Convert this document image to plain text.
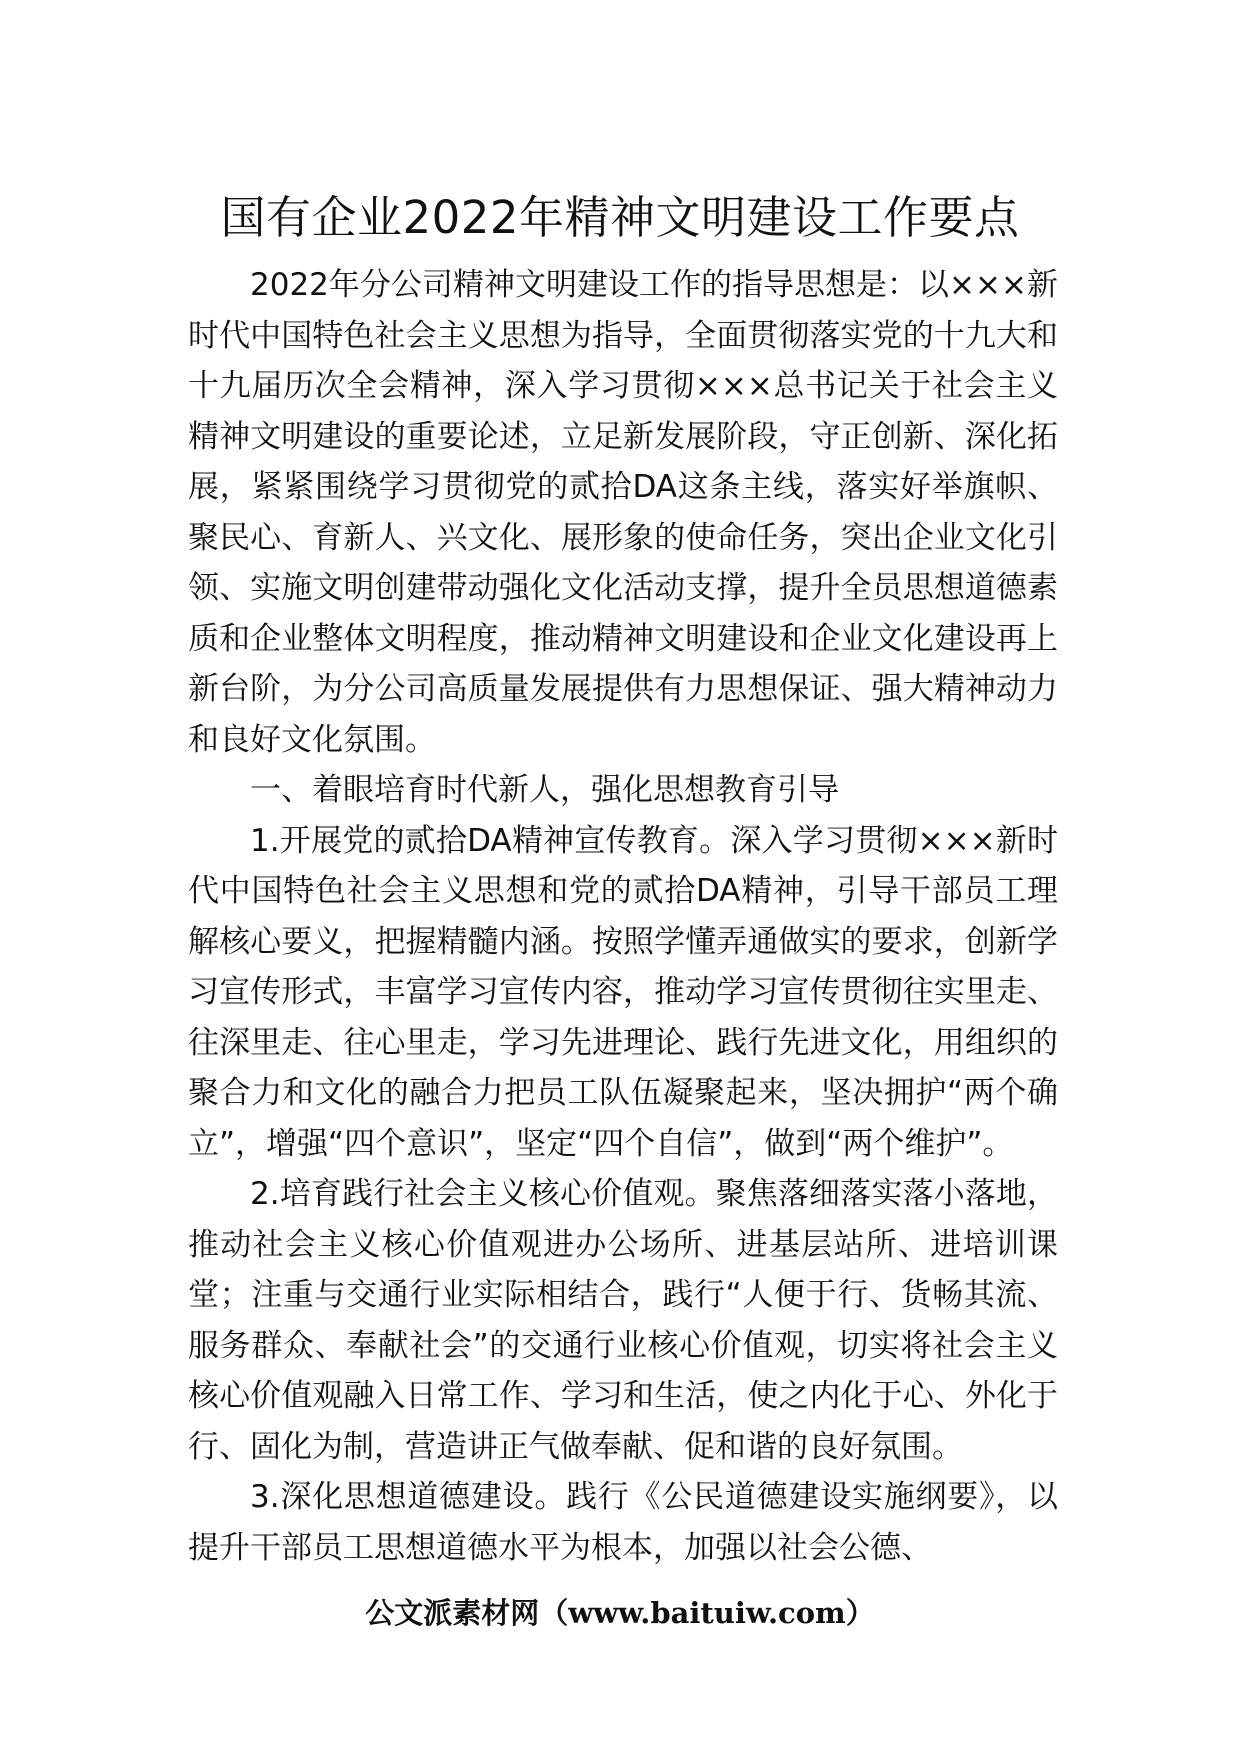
国有企业2022年精神文明建设工作要点

2022年分公司精神文明建设工作的指导思想是：以×××新时代中国特色社会主义思想为指导，全面贯彻落实党的十九大和十九届历次全会精神，深入学习贯彻×××总书记关于社会主义精神文明建设的重要论述，立足新发展阶段，守正创新、深化拓展，紧紧围绕学习贯彻党的贰拾DA这条主线，落实好举旗帜、聚民心、育新人、兴文化、展形象的使命任务，突出企业文化引领、实施文明创建带动强化文化活动支撑，提升全员思想道德素质和企业整体文明程度，推动精神文明建设和企业文化建设再上新台阶，为分公司高质量发展提供有力思想保证、强大精神动力和良好文化氛围。

一、着眼培育时代新人，强化思想教育引导

1.开展党的贰拾DA精神宣传教育。深入学习贯彻×××新时代中国特色社会主义思想和党的贰拾DA精神，引导干部员工理解核心要义，把握精髓内涵。按照学懂弄通做实的要求，创新学习宣传形式，丰富学习宣传内容，推动学习宣传贯彻往实里走、往深里走、往心里走，学习先进理论、践行先进文化，用组织的聚合力和文化的融合力把员工队伍凝聚起来，坚决拥护“两个确立”，增强“四个意识”，坚定“四个自信”，做到“两个维护”。

2.培育践行社会主义核心价值观。聚焦落细落实落小落地，推动社会主义核心价值观进办公场所、进基层站所、进培训课堂；注重与交通行业实际相结合，践行“人便于行、货畅其流、服务群众、奉献社会”的交通行业核心价值观，切实将社会主义核心价值观融入日常工作、学习和生活，使之内化于心、外化于行、固化为制，营造讲正气做奉献、促和谐的良好氛围。

3.深化思想道德建设。践行《公民道德建设实施纲要》，以提升干部员工思想道德水平为根本，加强以社会公德、

公文派素材网（www.baituiw.com）
